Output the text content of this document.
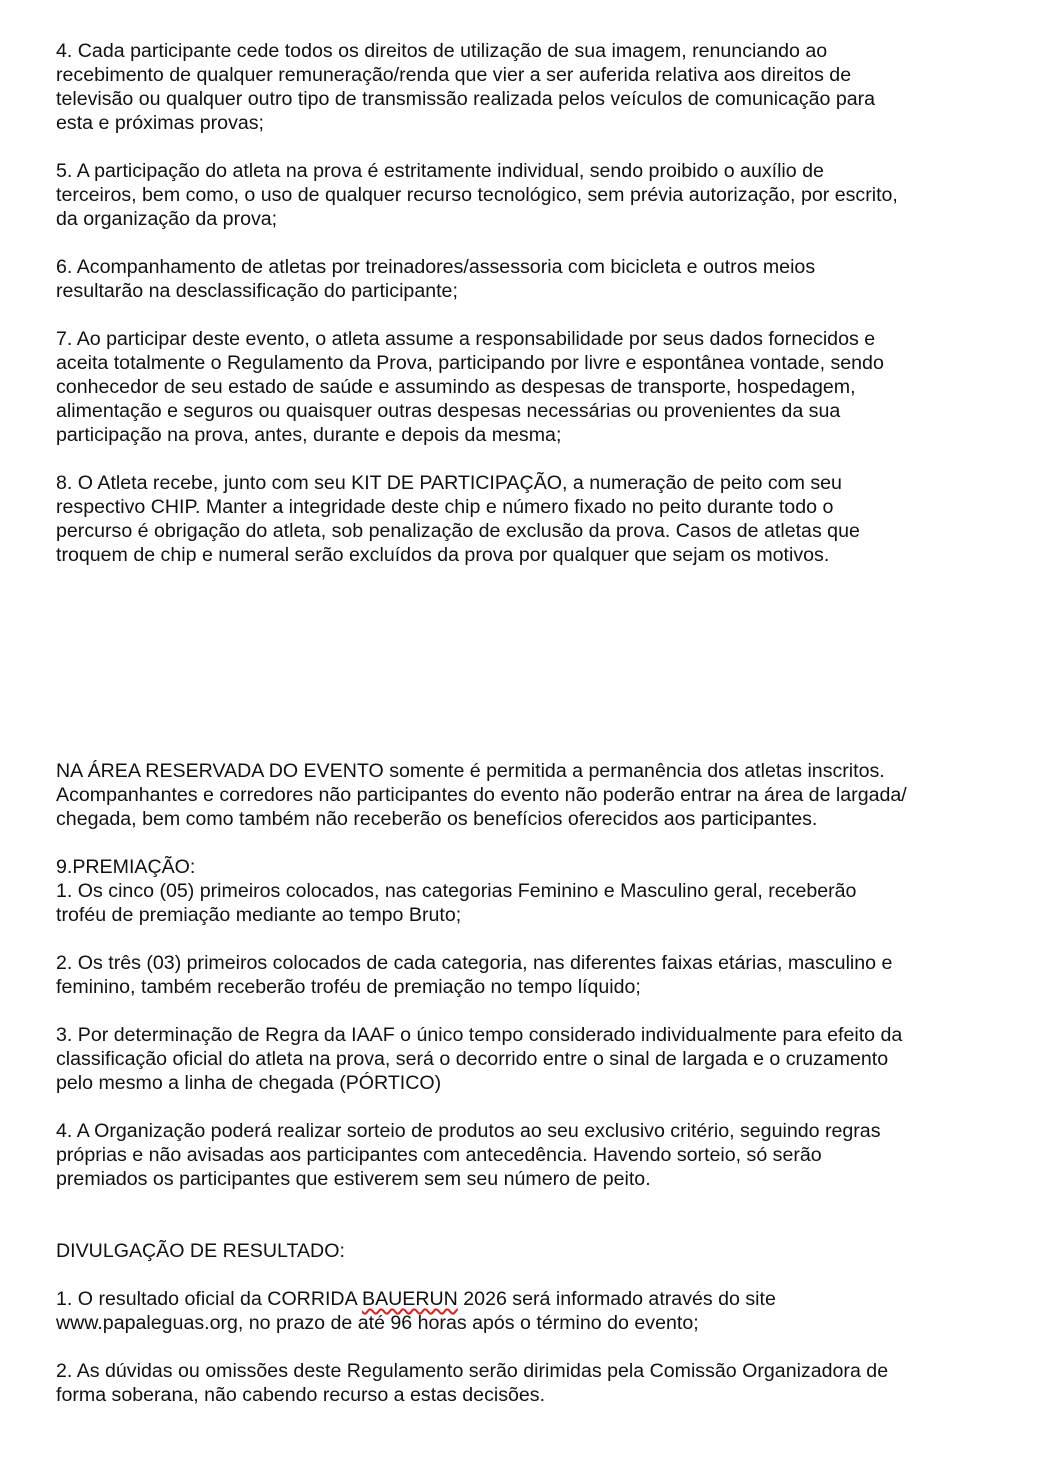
4. Cada participante cede todos os direitos de utilização de sua imagem, renunciando ao
recebimento de qualquer remuneração/renda que vier a ser auferida relativa aos direitos de
televisão ou qualquer outro tipo de transmissão realizada pelos veículos de comunicação para
esta e próximas provas;

5. A participação do atleta na prova é estritamente individual, sendo proibido o auxílio de
terceiros, bem como, o uso de qualquer recurso tecnológico, sem prévia autorização, por escrito,
da organização da prova;

6. Acompanhamento de atletas por treinadores/assessoria com bicicleta e outros meios
resultarão na desclassificação do participante;

7. Ao participar deste evento, o atleta assume a responsabilidade por seus dados fornecidos e
aceita totalmente o Regulamento da Prova, participando por livre e espontânea vontade, sendo
conhecedor de seu estado de saúde e assumindo as despesas de transporte, hospedagem,
alimentação e seguros ou quaisquer outras despesas necessárias ou provenientes da sua
participação na prova, antes, durante e depois da mesma;

8. O Atleta recebe, junto com seu KIT DE PARTICIPAÇÃO, a numeração de peito com seu
respectivo CHIP. Manter a integridade deste chip e número fixado no peito durante todo o
percurso é obrigação do atleta, sob penalização de exclusão da prova. Casos de atletas que
troquem de chip e numeral serão excluídos da prova por qualquer que sejam os motivos.

NA ÁREA RESERVADA DO EVENTO somente é permitida a permanência dos atletas inscritos.
Acompanhantes e corredores não participantes do evento não poderão entrar na área de largada/
chegada, bem como também não receberão os benefícios oferecidos aos participantes.

9.PREMIAÇÃO:

1. Os cinco (05) primeiros colocados, nas categorias Feminino e Masculino geral, receberão
troféu de premiação mediante ao tempo Bruto;

2. Os três (03) primeiros colocados de cada categoria, nas diferentes faixas etárias, masculino e
feminino, também receberão troféu de premiação no tempo líquido;

3. Por determinação de Regra da IAAF o único tempo considerado individualmente para efeito da
classificação oficial do atleta na prova, será o decorrido entre o sinal de largada e o cruzamento
pelo mesmo a linha de chegada (PÓRTICO)

4. A Organização poderá realizar sorteio de produtos ao seu exclusivo critério, seguindo regras
próprias e não avisadas aos participantes com antecedência. Havendo sorteio, só serão
premiados os participantes que estiverem sem seu número de peito.

DIVULGAÇÃO DE RESULTADO:

1. O resultado oficial da CORRIDA BAUERUN 2026 será informado através do site
www.papaleguas.org, no prazo de até 96 horas após o término do evento;

2. As dúvidas ou omissões deste Regulamento serão dirimidas pela Comissão Organizadora de
forma soberana, não cabendo recurso a estas decisões.
